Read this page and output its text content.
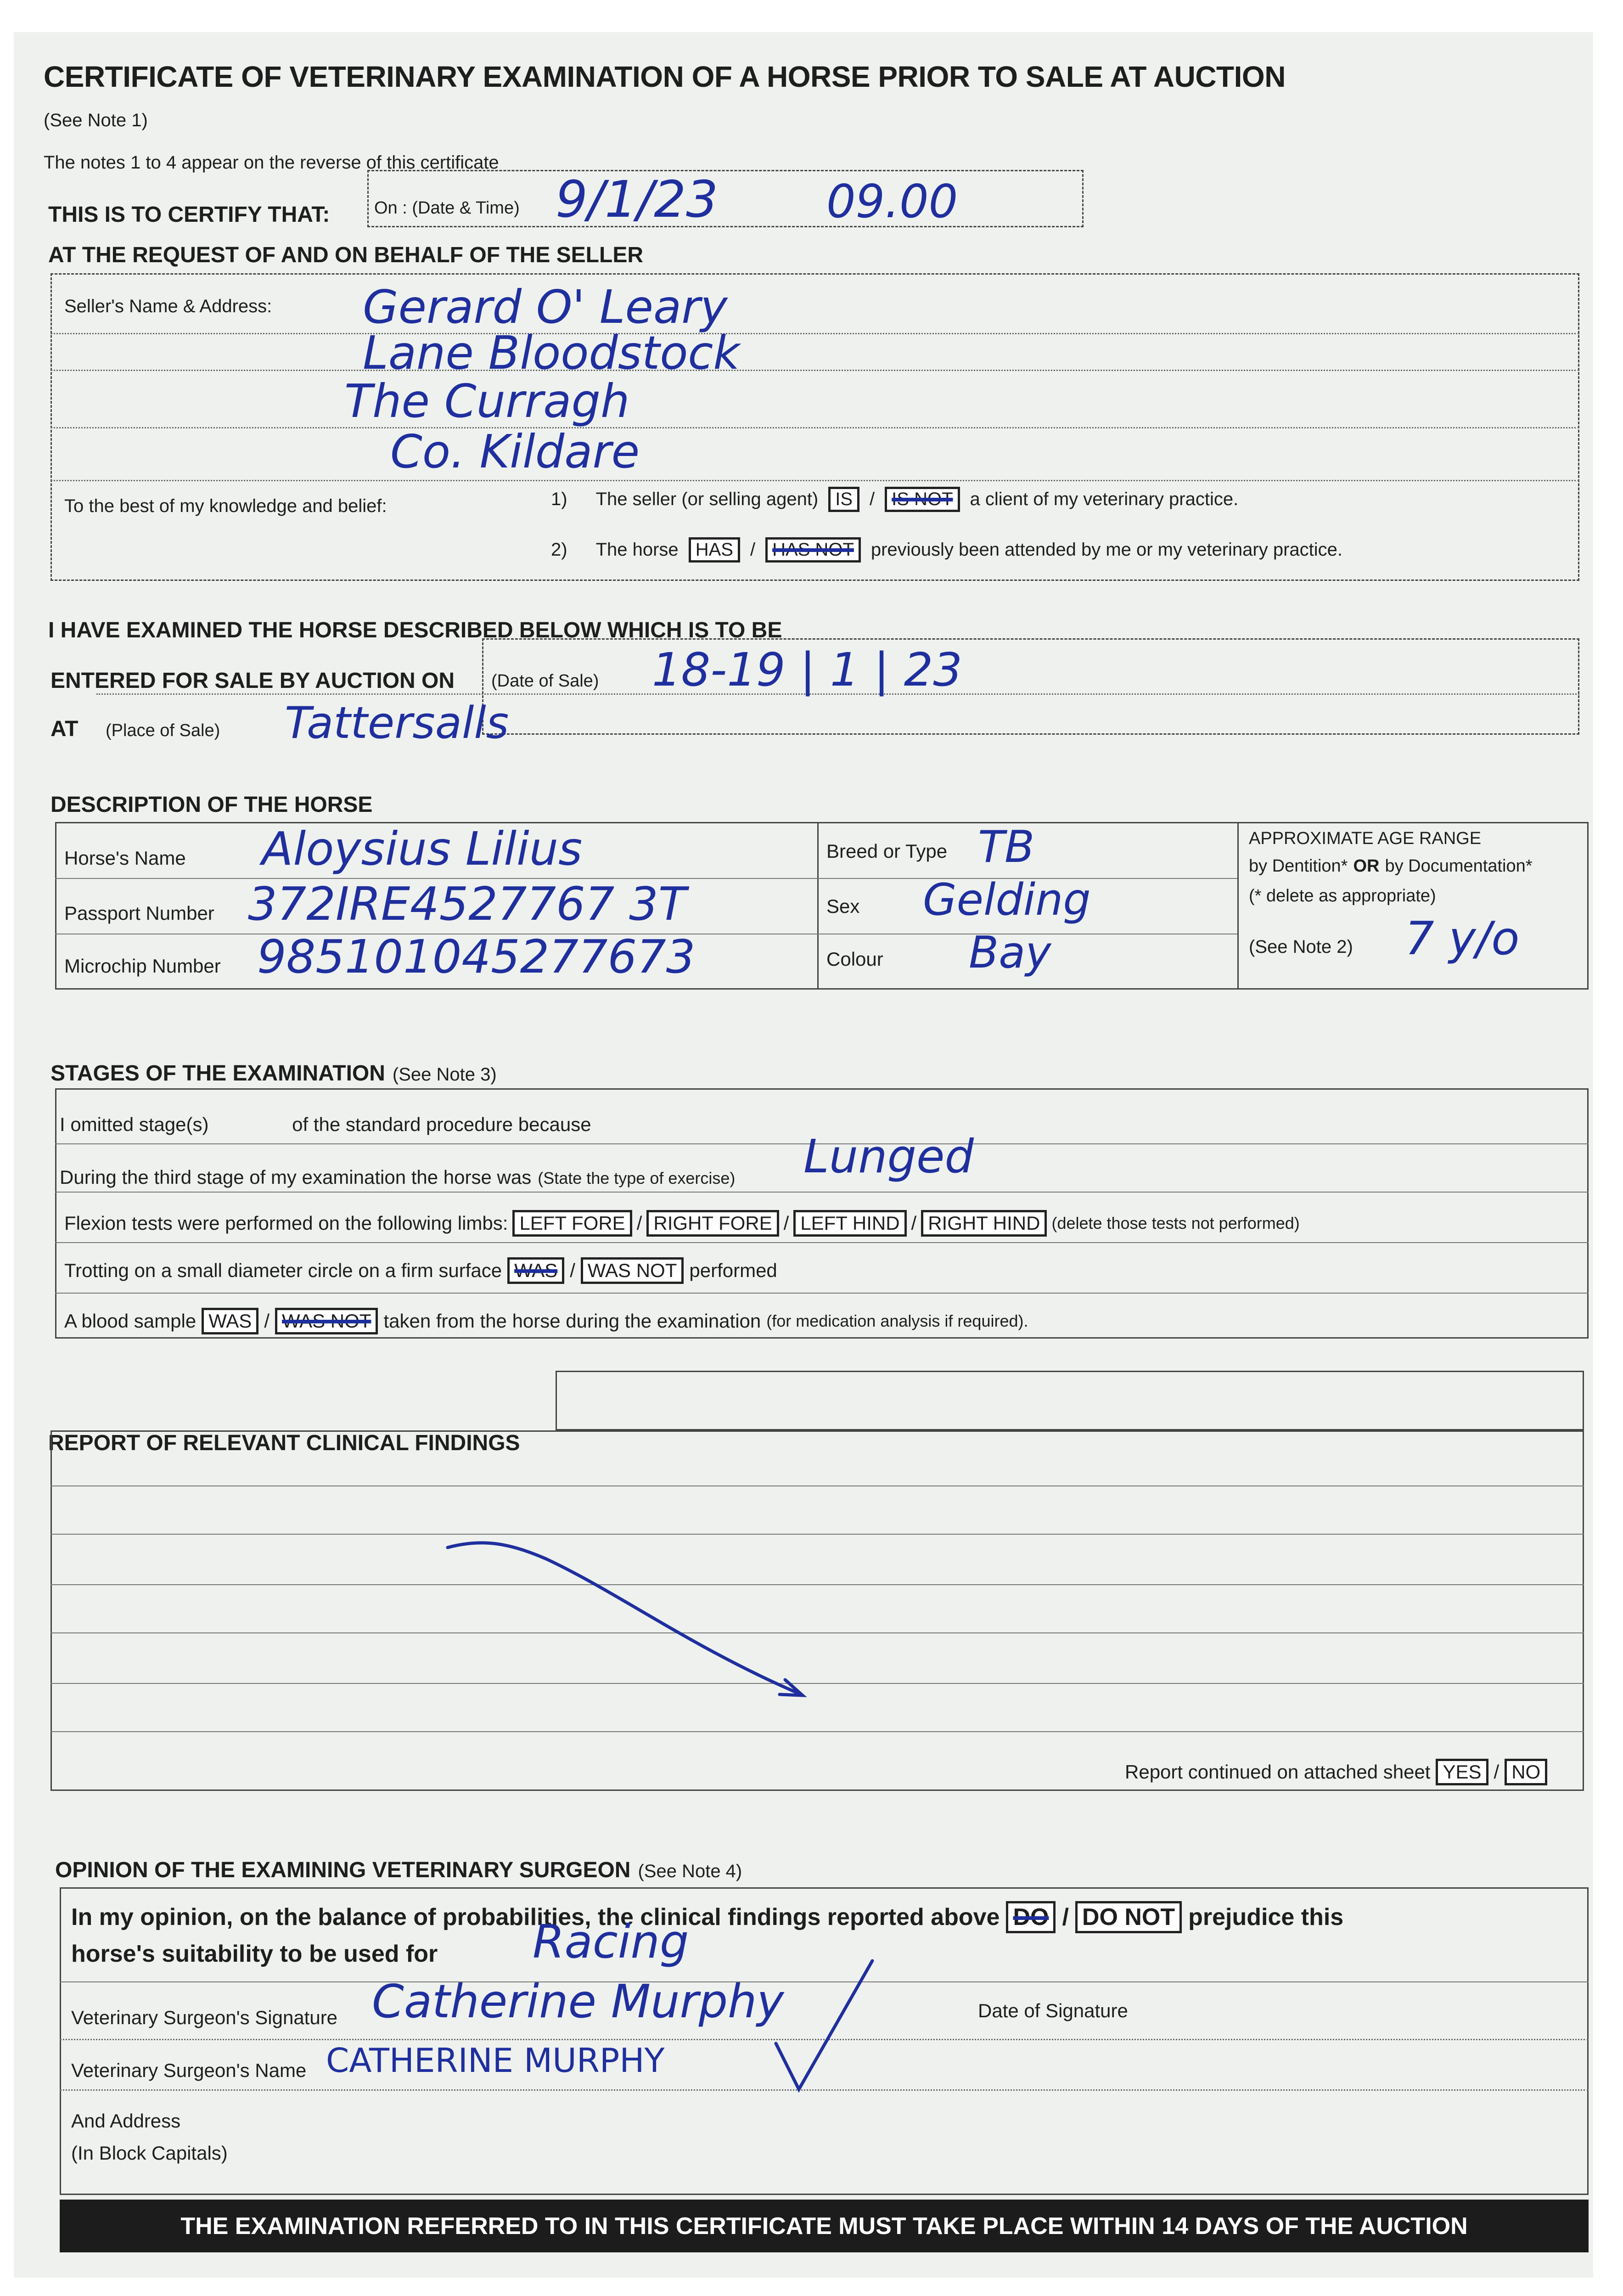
CERTIFICATE OF VETERINARY EXAMINATION OF A HORSE PRIOR TO SALE AT AUCTION
(See Note 1)
The notes 1 to 4 appear on the reverse of this certificate
THIS IS TO CERTIFY THAT:	On : (Date & Time) 9/1/23 09.00
AT THE REQUEST OF AND ON BEHALF OF THE SELLER
Seller's Name & Address: Gerard O' Leary
Lane Bloodstock
The Curragh
Co. Kildare
To the best of my knowledge and belief:	1) The seller (or selling agent) IS / IS NOT a client of my veterinary practice.
2) The horse HAS / HAS NOT previously been attended by me or my veterinary practice.
I HAVE EXAMINED THE HORSE DESCRIBED BELOW WHICH IS TO BE
ENTERED FOR SALE BY AUCTION ON (Date of Sale) 18-19 | 1 | 23
AT (Place of Sale) Tattersalls
DESCRIPTION OF THE HORSE
Horse's Name Aloysius Lilius
Passport Number 372IRE4527767 3T
Microchip Number 985101045277673
Breed or Type TB
Sex Gelding
Colour Bay
APPROXIMATE AGE RANGE
by Dentition* OR by Documentation*
(* delete as appropriate)
(See Note 2) 7 y/o
STAGES OF THE EXAMINATION (See Note 3)
I omitted stage(s)	of the standard procedure because
During the third stage of my examination the horse was (State the type of exercise) Lunged
Flexion tests were performed on the following limbs: LEFT FORE / RIGHT FORE / LEFT HIND / RIGHT HIND (delete those tests not performed)
Trotting on a small diameter circle on a firm surface WAS / WAS NOT performed
A blood sample WAS / WAS NOT taken from the horse during the examination (for medication analysis if required).
REPORT OF RELEVANT CLINICAL FINDINGS
Report continued on attached sheet YES / NO
OPINION OF THE EXAMINING VETERINARY SURGEON (See Note 4)
In my opinion, on the balance of probabilities, the clinical findings reported above DO / DO NOT prejudice this
horse's suitability to be used for Racing
Veterinary Surgeon's Signature Catherine Murphy	Date of Signature
Veterinary Surgeon's Name CATHERINE MURPHY
And Address
(In Block Capitals)
THE EXAMINATION REFERRED TO IN THIS CERTIFICATE MUST TAKE PLACE WITHIN 14 DAYS OF THE AUCTION
